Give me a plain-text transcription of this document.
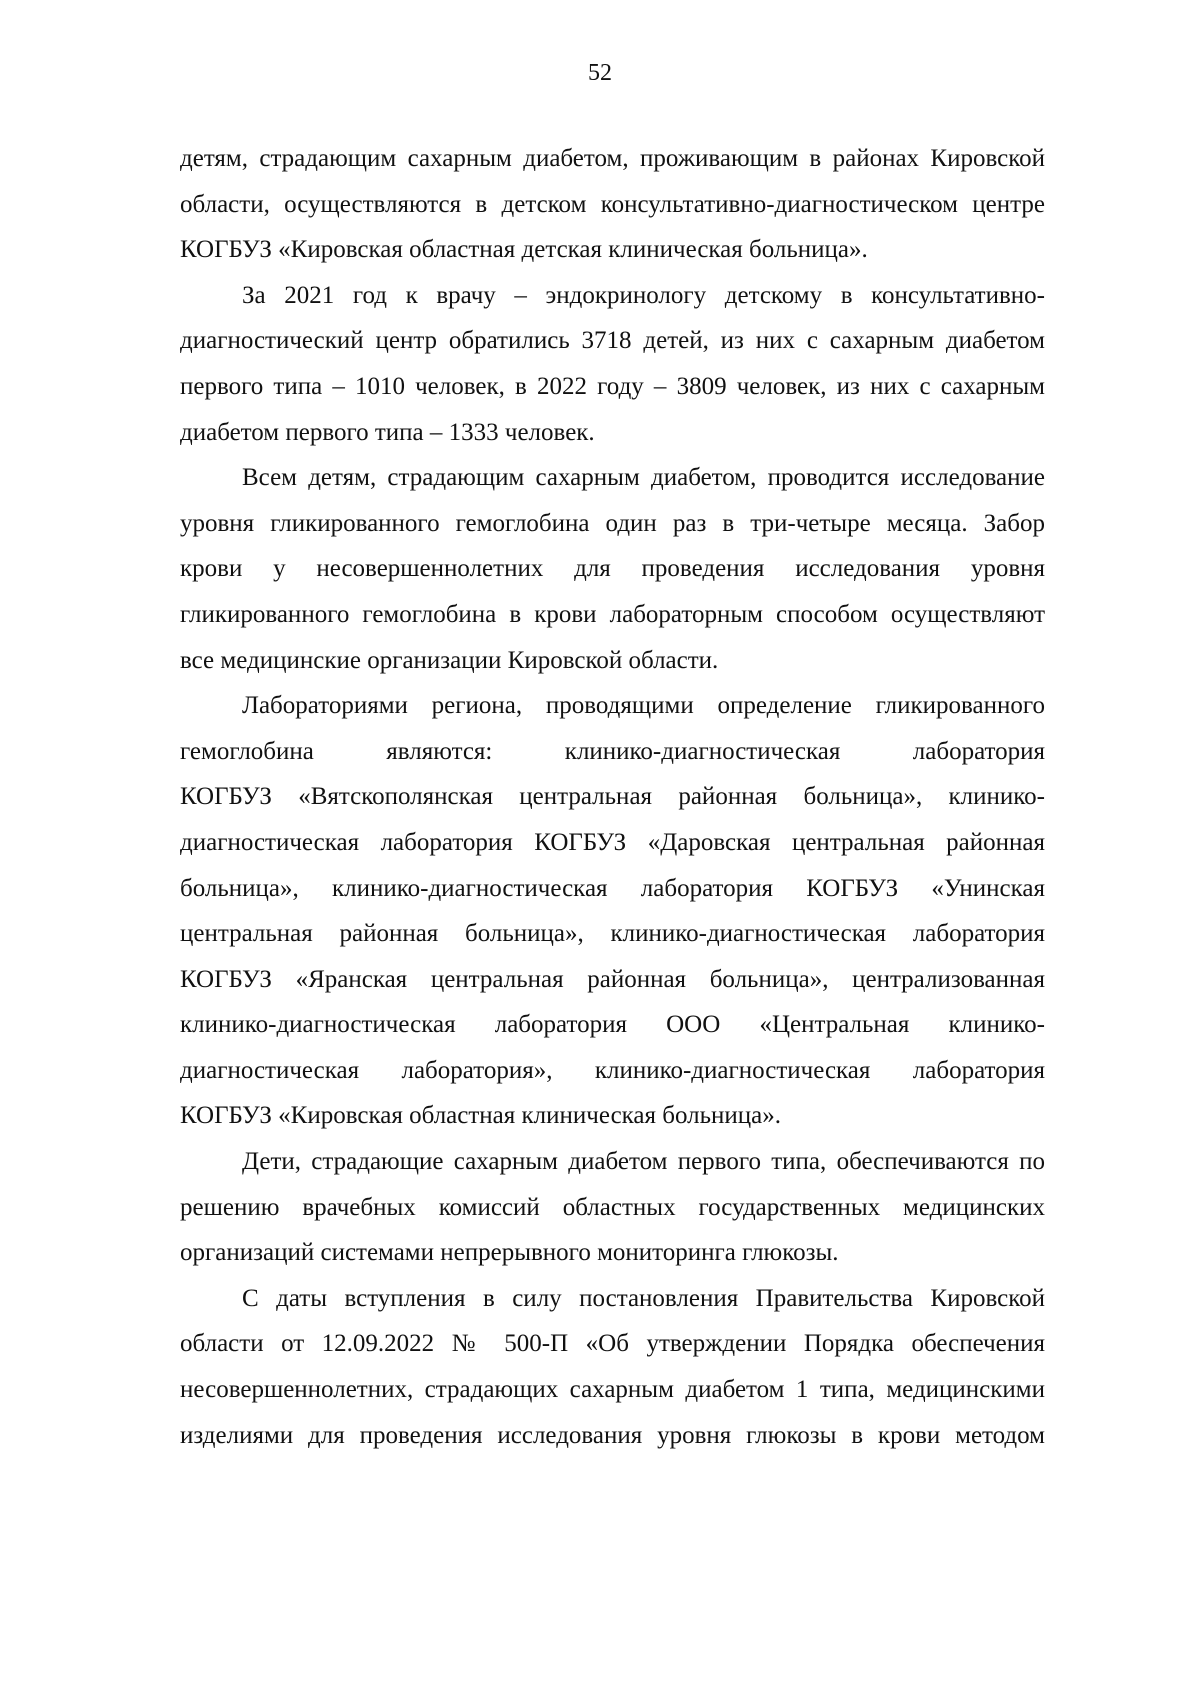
52
детям, страдающим сахарным диабетом, проживающим в районах Кировской
области, осуществляются в детском консультативно-диагностическом центре
КОГБУЗ «Кировская областная детская клиническая больница».
За 2021 год к врачу – эндокринологу детскому в консультативно-
диагностический центр обратились 3718 детей, из них с сахарным диабетом
первого типа – 1010 человек, в 2022 году – 3809 человек, из них с сахарным
диабетом первого типа – 1333 человек.
Всем детям, страдающим сахарным диабетом, проводится исследование
уровня гликированного гемоглобина один раз в три-четыре месяца. Забор
крови у несовершеннолетних для проведения исследования уровня
гликированного гемоглобина в крови лабораторным способом осуществляют
все медицинские организации Кировской области.
Лабораториями региона, проводящими определение гликированного
гемоглобина являются: клинико-диагностическая лаборатория
КОГБУЗ «Вятскополянская центральная районная больница», клинико-
диагностическая лаборатория КОГБУЗ «Даровская центральная районная
больница», клинико-диагностическая лаборатория КОГБУЗ «Унинская
центральная районная больница», клинико-диагностическая лаборатория
КОГБУЗ «Яранская центральная районная больница», централизованная
клинико-диагностическая лаборатория ООО «Центральная клинико-
диагностическая лаборатория», клинико-диагностическая лаборатория
КОГБУЗ «Кировская областная клиническая больница».
Дети, страдающие сахарным диабетом первого типа, обеспечиваются по
решению врачебных комиссий областных государственных медицинских
организаций системами непрерывного мониторинга глюкозы.
С даты вступления в силу постановления Правительства Кировской
области от 12.09.2022 № 500-П «Об утверждении Порядка обеспечения
несовершеннолетних, страдающих сахарным диабетом 1 типа, медицинскими
изделиями для проведения исследования уровня глюкозы в крови методом
